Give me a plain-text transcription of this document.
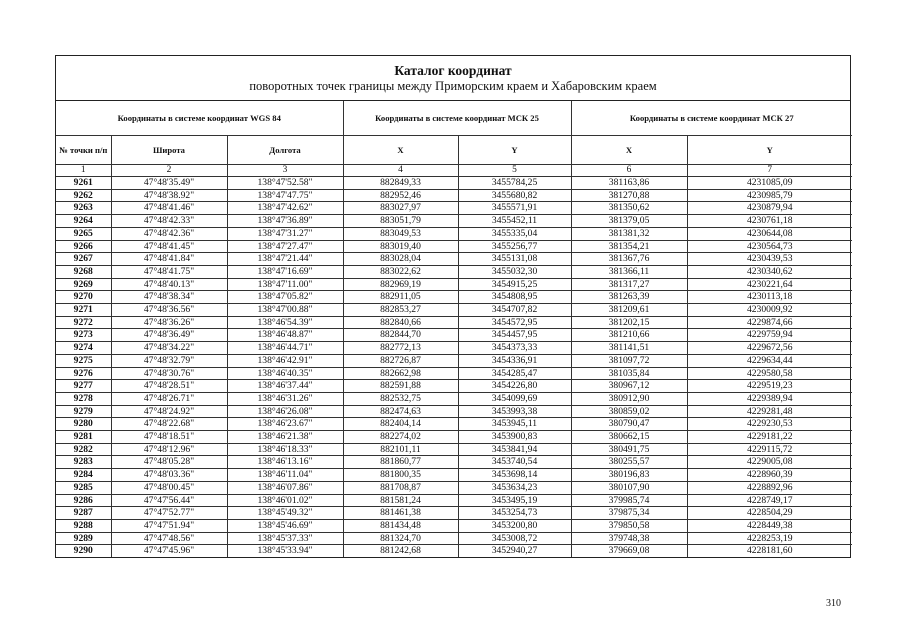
Каталог координат
поворотных точек границы между Приморским краем и Хабаровским краем
Координаты в системе координат WGS 84			Координаты в системе координат МСК 25		Координаты в системе координат МСК 27	
№ точки п/п	Широта	Долгота	X	Y	X	Y
1	2	3	4	5	6	7
9261	47°48'35.49"	138°47'52.58"	882849,33	3455784,25	381163,86	4231085,09
9262	47°48'38.92"	138°47'47.75"	882952,46	3455680,82	381270,88	4230985,79
9263	47°48'41.46"	138°47'42.62"	883027,97	3455571,91	381350,62	4230879,94
9264	47°48'42.33"	138°47'36.89"	883051,79	3455452,11	381379,05	4230761,18
9265	47°48'42.36"	138°47'31.27"	883049,53	3455335,04	381381,32	4230644,08
9266	47°48'41.45"	138°47'27.47"	883019,40	3455256,77	381354,21	4230564,73
9267	47°48'41.84"	138°47'21.44"	883028,04	3455131,08	381367,76	4230439,53
9268	47°48'41.75"	138°47'16.69"	883022,62	3455032,30	381366,11	4230340,62
9269	47°48'40.13"	138°47'11.00"	882969,19	3454915,25	381317,27	4230221,64
9270	47°48'38.34"	138°47'05.82"	882911,05	3454808,95	381263,39	4230113,18
9271	47°48'36.56"	138°47'00.88"	882853,27	3454707,82	381209,61	4230009,92
9272	47°48'36.26"	138°46'54.39"	882840,66	3454572,95	381202,15	4229874,66
9273	47°48'36.49"	138°46'48.87"	882844,70	3454457,95	381210,66	4229759,94
9274	47°48'34.22"	138°46'44.71"	882772,13	3454373,33	381141,51	4229672,56
9275	47°48'32.79"	138°46'42.91"	882726,87	3454336,91	381097,72	4229634,44
9276	47°48'30.76"	138°46'40.35"	882662,98	3454285,47	381035,84	4229580,58
9277	47°48'28.51"	138°46'37.44"	882591,88	3454226,80	380967,12	4229519,23
9278	47°48'26.71"	138°46'31.26"	882532,75	3454099,69	380912,90	4229389,94
9279	47°48'24.92"	138°46'26.08"	882474,63	3453993,38	380859,02	4229281,48
9280	47°48'22.68"	138°46'23.67"	882404,14	3453945,11	380790,47	4229230,53
9281	47°48'18.51"	138°46'21.38"	882274,02	3453900,83	380662,15	4229181,22
9282	47°48'12.96"	138°46'18.33"	882101,11	3453841,94	380491,75	4229115,72
9283	47°48'05.28"	138°46'13.16"	881860,77	3453740,54	380255,57	4229005,08
9284	47°48'03.36"	138°46'11.04"	881800,35	3453698,14	380196,83	4228960,39
9285	47°48'00.45"	138°46'07.86"	881708,87	3453634,23	380107,90	4228892,96
9286	47°47'56.44"	138°46'01.02"	881581,24	3453495,19	379985,74	4228749,17
9287	47°47'52.77"	138°45'49.32"	881461,38	3453254,73	379875,34	4228504,29
9288	47°47'51.94"	138°45'46.69"	881434,48	3453200,80	379850,58	4228449,38
9289	47°47'48.56"	138°45'37.33"	881324,70	3453008,72	379748,38	4228253,19
9290	47°47'45.96"	138°45'33.94"	881242,68	3452940,27	379669,08	4228181,60
310
